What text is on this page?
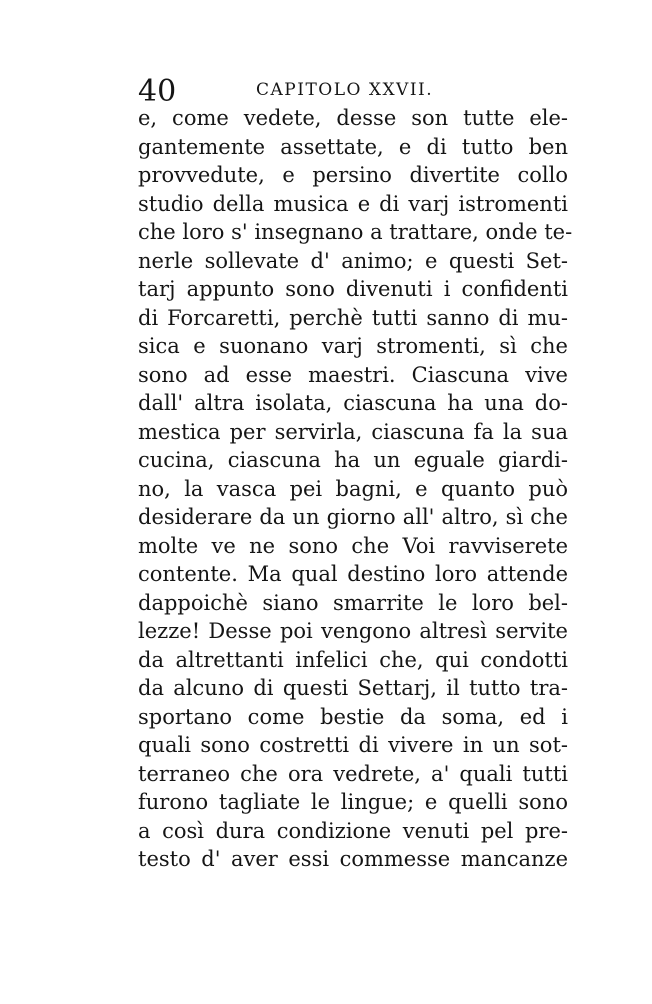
40	CAPITOLO XXVII.
e, come vedete, desse son tutte ele-
gantemente assettate, e di tutto ben
provvedute, e persino divertite collo
studio della musica e di varj istromenti
che loro s' insegnano a trattare, onde te-
nerle sollevate d' animo; e questi Set-
tarj appunto sono divenuti i confidenti
di Forcaretti, perchè tutti sanno di mu-
sica e suonano varj stromenti, sì che
sono ad esse maestri. Ciascuna vive
dall' altra isolata, ciascuna ha una do-
mestica per servirla, ciascuna fa la sua
cucina, ciascuna ha un eguale giardi-
no, la vasca pei bagni, e quanto può
desiderare da un giorno all' altro, sì che
molte ve ne sono che Voi ravviserete
contente. Ma qual destino loro attende
dappoichè siano smarrite le loro bel-
lezze! Desse poi vengono altresì servite
da altrettanti infelici che, qui condotti
da alcuno di questi Settarj, il tutto tra-
sportano come bestie da soma, ed i
quali sono costretti di vivere in un sot-
terraneo che ora vedrete, a' quali tutti
furono tagliate le lingue; e quelli sono
a così dura condizione venuti pel pre-
testo d' aver essi commesse mancanze
